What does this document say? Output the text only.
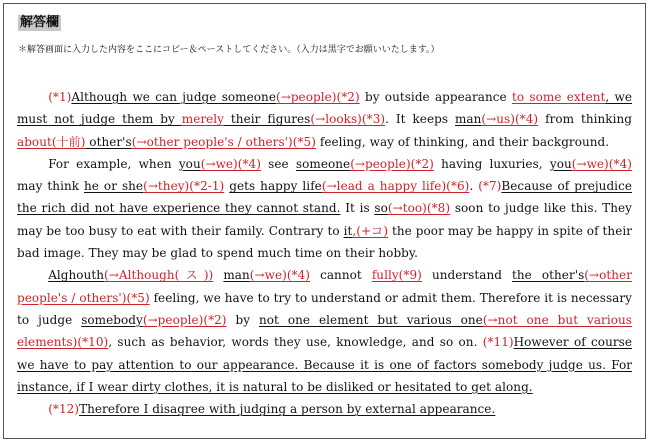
解答欄
＊解答画面に入力した内容をここにコピー＆ペーストしてください。（入力は黒字でお願いいたします。）

(*1)Although we can judge someone(→people)(*2) by outside appearance to some extent, we must not judge them by merely their figures(→looks)(*3). It keeps man(→us)(*4) from thinking about(十前) other's(→other people's / others')(*5) feeling, way of thinking, and their background.

For example, when you(→we)(*4) see someone(→people)(*2) having luxuries, you(→we)(*4) may think he or she(→they)(*2-1) gets happy life(→lead a happy life)(*6). (*7)Because of prejudice the rich did not have experience they cannot stand. It is so(→too)(*8) soon to judge like this. They may be too busy to eat with their family. Contrary to it,(+コ) the poor may be happy in spite of their bad image. They may be glad to spend much time on their hobby.

Alghouth(→Although(ス)) man(→we)(*4) cannot fully(*9) understand the other's(→other people's / others')(*5) feeling, we have to try to understand or admit them. Therefore it is necessary to judge somebody(→people)(*2) by not one element but various one(→not one but various elements)(*10), such as behavior, words they use, knowledge, and so on. (*11)However of course we have to pay attention to our appearance. Because it is one of factors somebody judge us. For instance, if I wear dirty clothes, it is natural to be disliked or hesitated to get along.

(*12)Therefore I disagree with judging a person by external appearance.
